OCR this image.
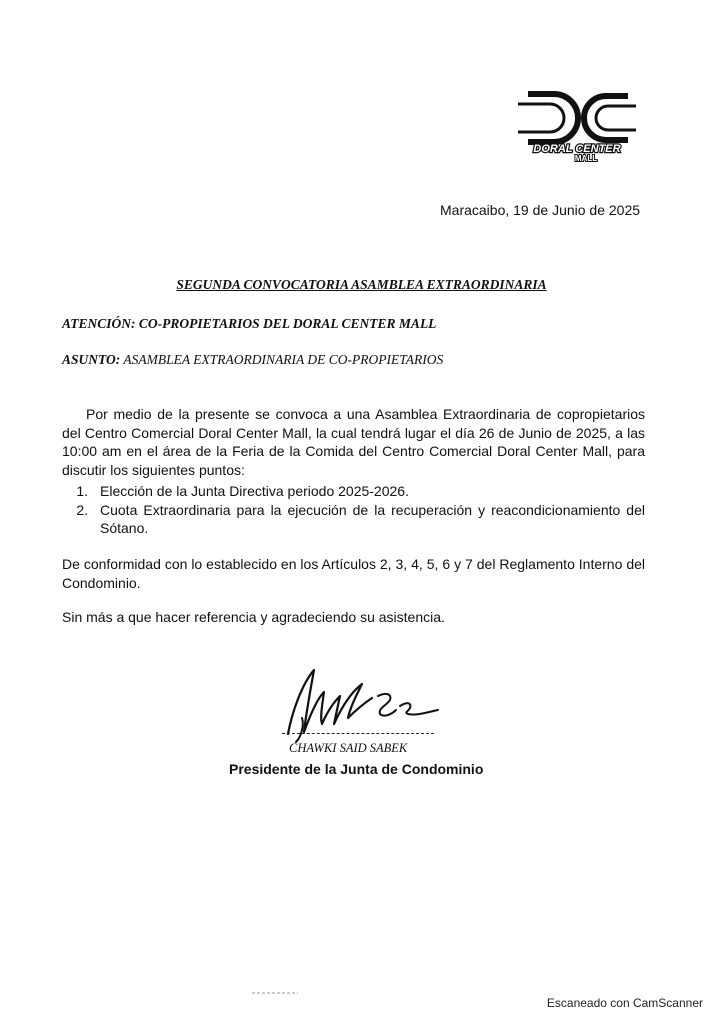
DORAL CENTER
MALL
Maracaibo, 19 de Junio de 2025
SEGUNDA CONVOCATORIA ASAMBLEA EXTRAORDINARIA
ATENCIÓN: CO-PROPIETARIOS DEL DORAL CENTER MALL
ASUNTO: ASAMBLEA EXTRAORDINARIA DE CO-PROPIETARIOS

Por medio de la presente se convoca a una Asamblea Extraordinaria de copropietarios del Centro Comercial Doral Center Mall, la cual tendrá lugar el día 26 de Junio de 2025, a las 10:00 am en el área de la Feria de la Comida del Centro Comercial Doral Center Mall, para discutir los siguientes puntos:

1. Elección de la Junta Directiva periodo 2025-2026.
2. Cuota Extraordinaria para la ejecución de la recuperación y reacondicionamiento del Sótano.

De conformidad con lo establecido en los Artículos 2, 3, 4, 5, 6 y 7 del Reglamento Interno del Condominio.

Sin más a que hacer referencia y agradeciendo su asistencia.

CHAWKI SAID SABEK
Presidente de la Junta de Condominio
Escaneado con CamScanner
